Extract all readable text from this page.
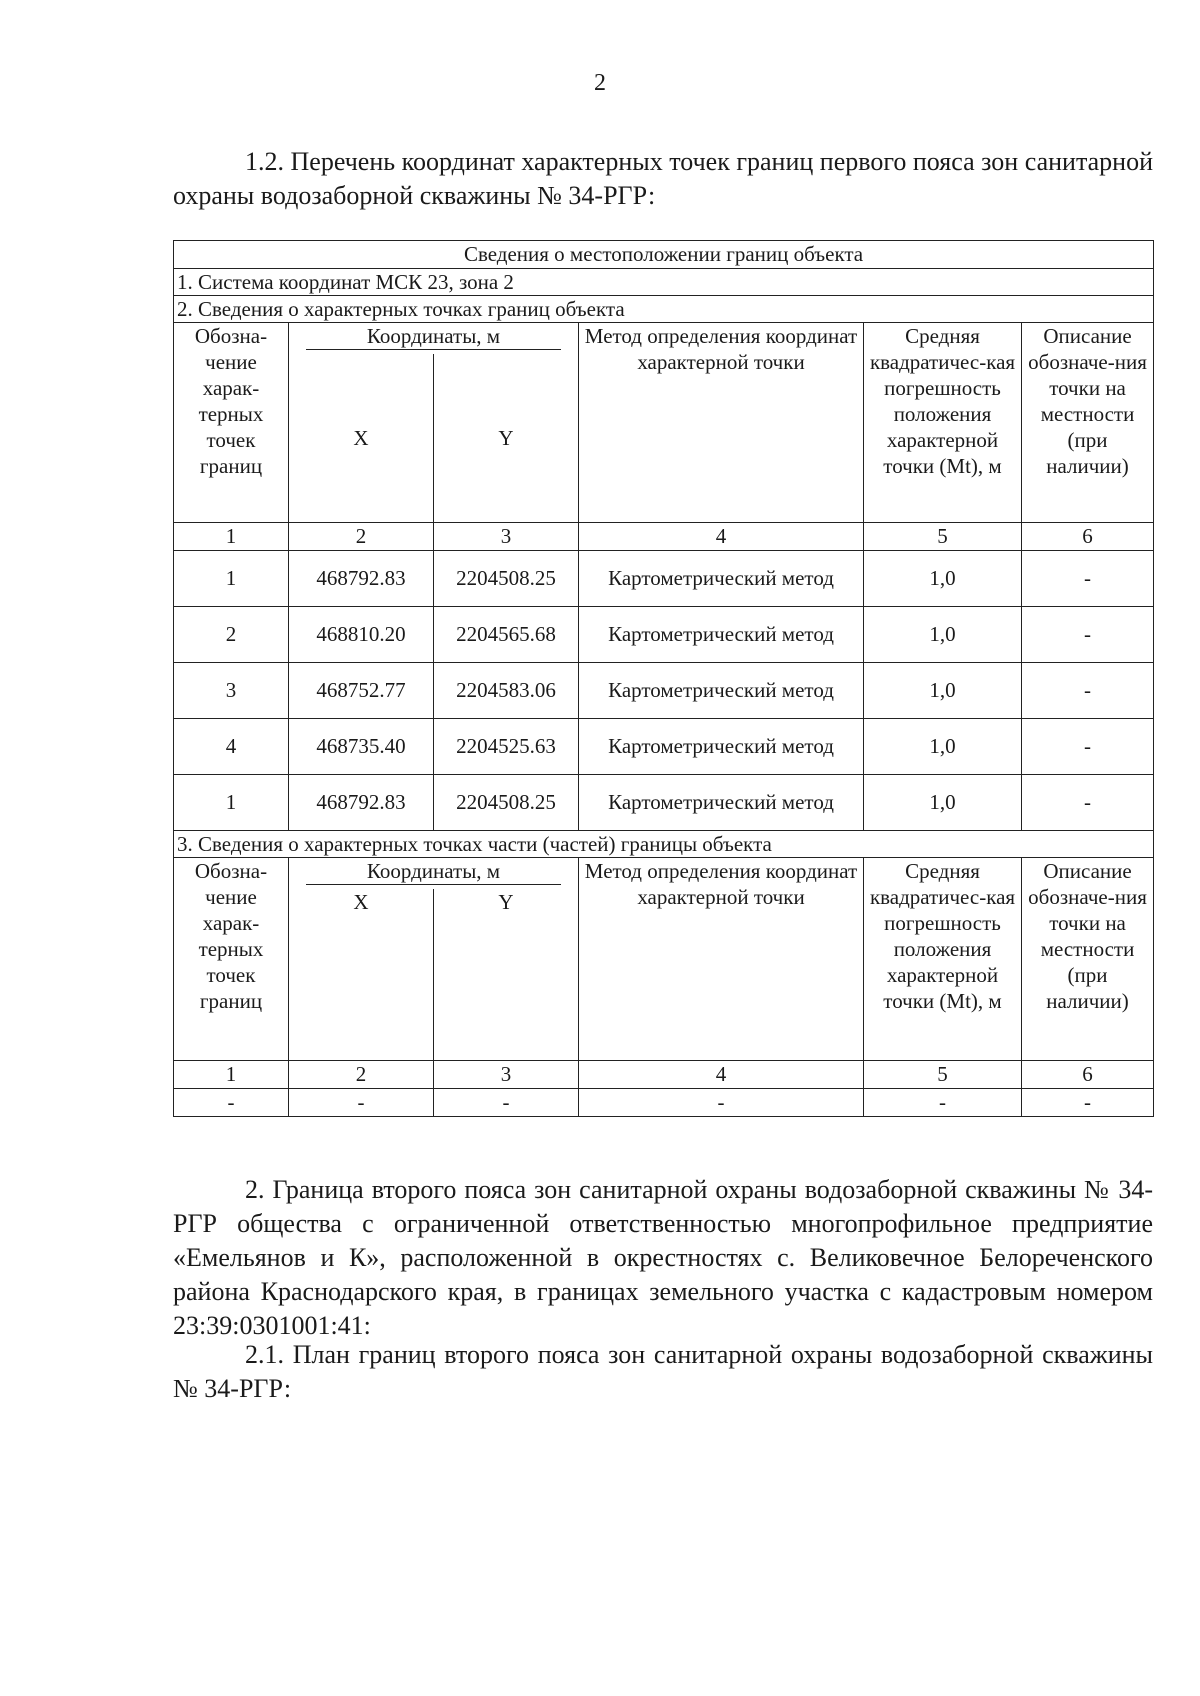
2
1.2. Перечень координат характерных точек границ первого пояса зон санитарной охраны водозаборной скважины № 34-РГР:
Сведения о местоположении границ объекта					
1. Система координат МСК 23, зона 2					
2. Сведения о характерных точках границ объекта					
Обозна-чение харак-терных точек границ	Координаты, м		Метод определения координат характерной точки	Средняя квадратичес-кая погрешность положения характерной точки (Mt), м	Описание обозначе-ния точки на местности (при наличии)
	X	Y			
1	2	3	4	5	6
1	468792.83	2204508.25	Картометрический метод	1,0	-
2	468810.20	2204565.68	Картометрический метод	1,0	-
3	468752.77	2204583.06	Картометрический метод	1,0	-
4	468735.40	2204525.63	Картометрический метод	1,0	-
1	468792.83	2204508.25	Картометрический метод	1,0	-
3. Сведения о характерных точках части (частей) границы объекта					
Обозна-чение харак-терных точек границ	Координаты, м		Метод определения координат характерной точки	Средняя квадратичес-кая погрешность положения характерной точки (Mt), м	Описание обозначе-ния точки на местности (при наличии)
	X	Y			
1	2	3	4	5	6
-	-	-	-	-	-
2. Граница второго пояса зон санитарной охраны водозаборной скважины № 34-РГР общества с ограниченной ответственностью многопрофильное предприятие «Емельянов и К», расположенной в окрестностях с. Великовечное Белореченского района Краснодарского края, в границах земельного участка с кадастровым номером 23:39:0301001:41:
2.1. План границ второго пояса зон санитарной охраны водозаборной скважины № 34-РГР:
